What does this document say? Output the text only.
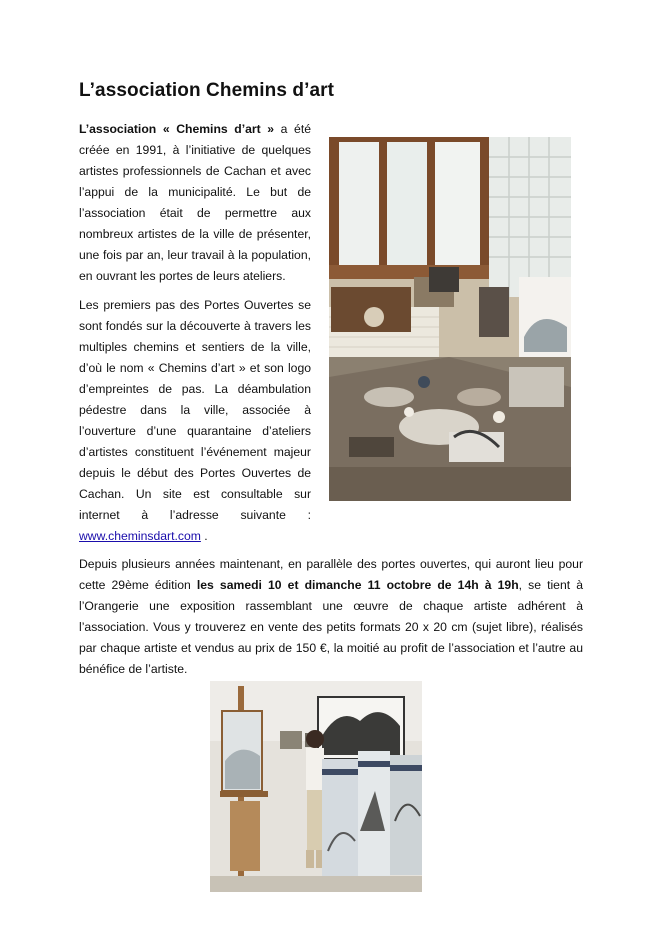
L’association Chemins d’art
L’association « Chemins d’art » a été créée en 1991, à l’initiative de quelques artistes professionnels de Cachan et avec l’appui de la municipalité. Le but de l’association était de permettre aux nombreux artistes de la ville de présenter, une fois par an, leur travail à la population, en ouvrant les portes de leurs ateliers.
Les premiers pas des Portes Ouvertes se sont fondés sur la découverte à travers les multiples chemins et sentiers de la ville, d’où le nom « Chemins d’art » et son logo d’empreintes de pas. La déambulation pédestre dans la ville, associée à l’ouverture d’une quarantaine d’ateliers d’artistes constituent l’événement majeur depuis le début des Portes Ouvertes de Cachan. Un site est consultable sur internet à l’adresse suivante : www.cheminsdart.com .
Depuis plusieurs années maintenant, en parallèle des portes ouvertes, qui auront lieu pour cette 29ème édition les samedi 10 et dimanche 11 octobre de 14h à 19h, se tient à l’Orangerie une exposition rassemblant une œuvre de chaque artiste adhérent à l’association. Vous y trouverez en vente des petits formats 20 x 20 cm (sujet libre), réalisés par chaque artiste et vendus au prix de 150 €, la moitié au profit de l’association et l’autre au bénéfice de l’artiste.
